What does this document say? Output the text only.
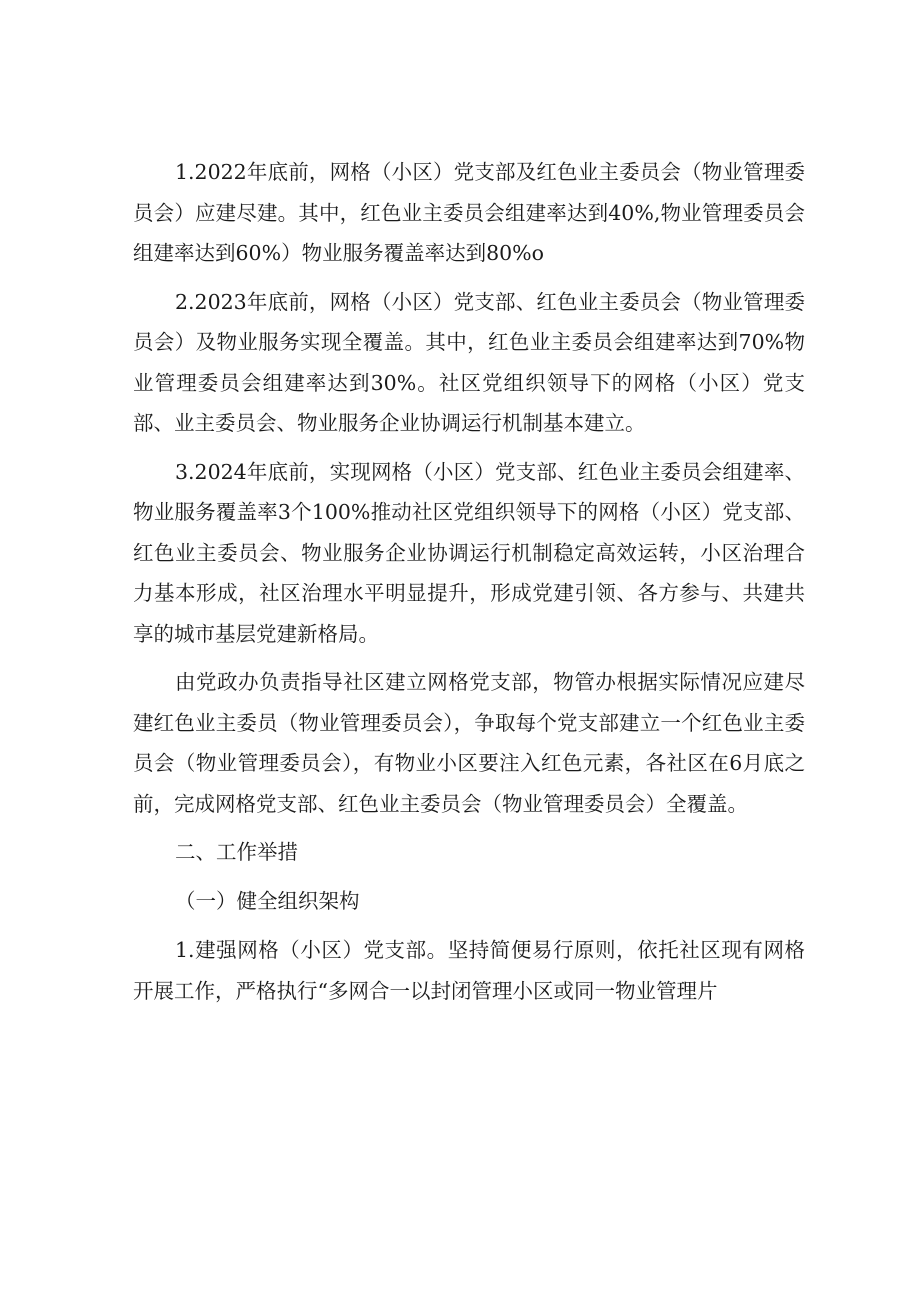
1.2022年底前，网格（小区）党支部及红色业主委员会（物业管理委员会）应建尽建。其中，红色业主委员会组建率达到40%,物业管理委员会组建率达到60%）物业服务覆盖率达到80%o

2.2023年底前，网格（小区）党支部、红色业主委员会（物业管理委员会）及物业服务实现全覆盖。其中，红色业主委员会组建率达到70%物业管理委员会组建率达到30%。社区党组织领导下的网格（小区）党支部、业主委员会、物业服务企业协调运行机制基本建立。

3.2024年底前，实现网格（小区）党支部、红色业主委员会组建率、物业服务覆盖率3个100%推动社区党组织领导下的网格（小区）党支部、红色业主委员会、物业服务企业协调运行机制稳定高效运转，小区治理合力基本形成，社区治理水平明显提升，形成党建引领、各方参与、共建共享的城市基层党建新格局。

由党政办负责指导社区建立网格党支部，物管办根据实际情况应建尽建红色业主委员（物业管理委员会），争取每个党支部建立一个红色业主委员会（物业管理委员会），有物业小区要注入红色元素，各社区在6月底之前，完成网格党支部、红色业主委员会（物业管理委员会）全覆盖。

二、工作举措

（一）健全组织架构

1.建强网格（小区）党支部。坚持简便易行原则，依托社区现有网格开展工作，严格执行“多网合一以封闭管理小区或同一物业管理片
